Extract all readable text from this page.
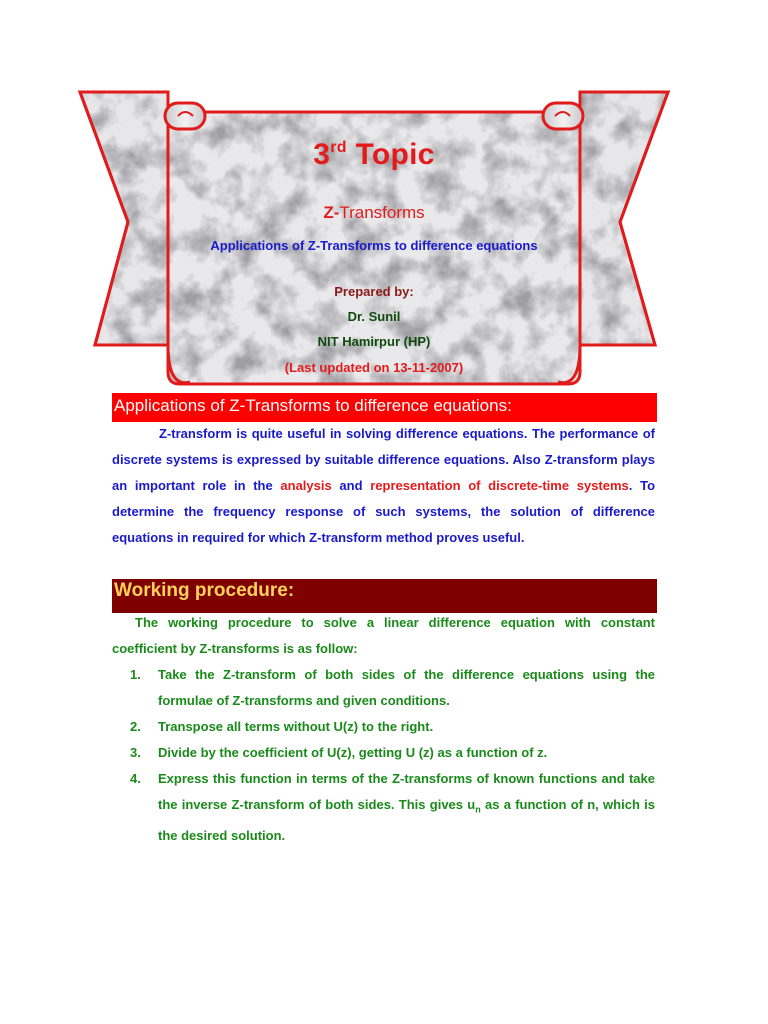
3rd Topic
Z-Transforms
Applications of Z-Transforms to difference equations
Prepared by:
Dr. Sunil
NIT Hamirpur (HP)
(Last updated on 13-11-2007)
Applications of Z-Transforms to difference equations:

Z-transform is quite useful in solving difference equations. The performance of discrete systems is expressed by suitable difference equations. Also Z-transform plays an important role in the analysis and representation of discrete-time systems. To determine the frequency response of such systems, the solution of difference equations in required for which Z-transform method proves useful.

Working procedure:

The working procedure to solve a linear difference equation with constant coefficient by Z-transforms is as follow:

1. Take the Z-transform of both sides of the difference equations using the formulae of Z-transforms and given conditions.
2. Transpose all terms without U(z) to the right.
3. Divide by the coefficient of U(z), getting U (z) as a function of z.
4. Express this function in terms of the Z-transforms of known functions and take the inverse Z-transform of both sides. This gives $u_n$ as a function of n, which is the desired solution.
